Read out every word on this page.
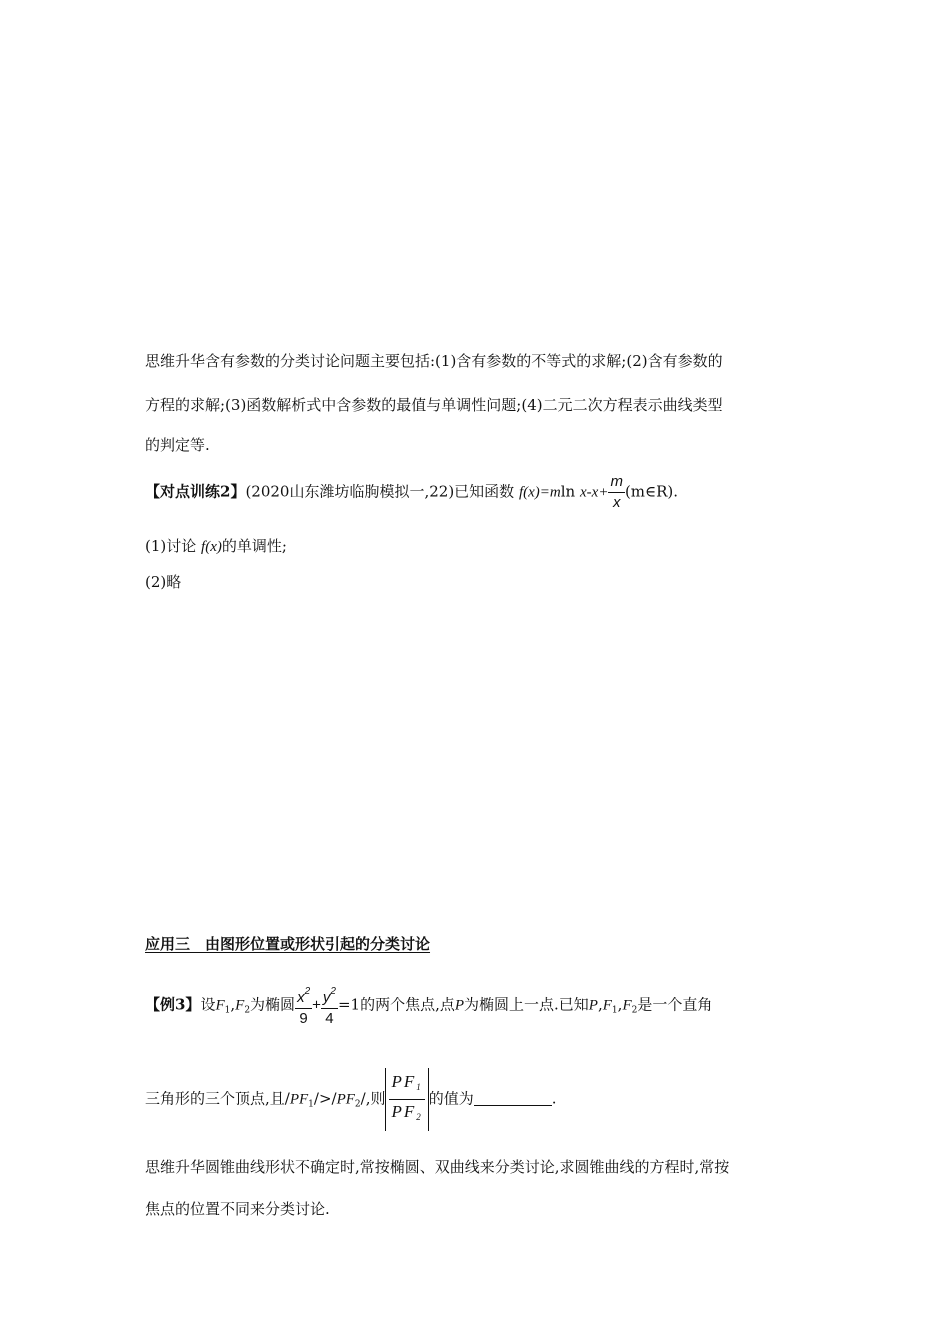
思维升华含有参数的分类讨论问题主要包括:(1)含有参数的不等式的求解;(2)含有参数的
方程的求解;(3)函数解析式中含参数的最值与单调性问题;(4)二元二次方程表示曲线类型
的判定等.
【对点训练2】(2020山东潍坊临朐模拟一,22)已知函数 f(x)=mln $x-x+ \frac{m}{x}$ (m∈R).
(1)讨论 f(x)的单调性;
(2)略
应用三　由图形位置或形状引起的分类讨论
【例3】设$F_1,F_2$为椭圆 $\frac{x^2}{9} + \frac{y^2}{4} =1$的两个焦点,点P为椭圆上一点.已知$P,F_1,F_2$是一个直角
三角形的三个顶点,且$/PF_1/>/PF_2/$,则 $\frac{PF_1}{PF_2}$ 的值为	.
思维升华圆锥曲线形状不确定时,常按椭圆、双曲线来分类讨论,求圆锥曲线的方程时,常按
焦点的位置不同来分类讨论.
